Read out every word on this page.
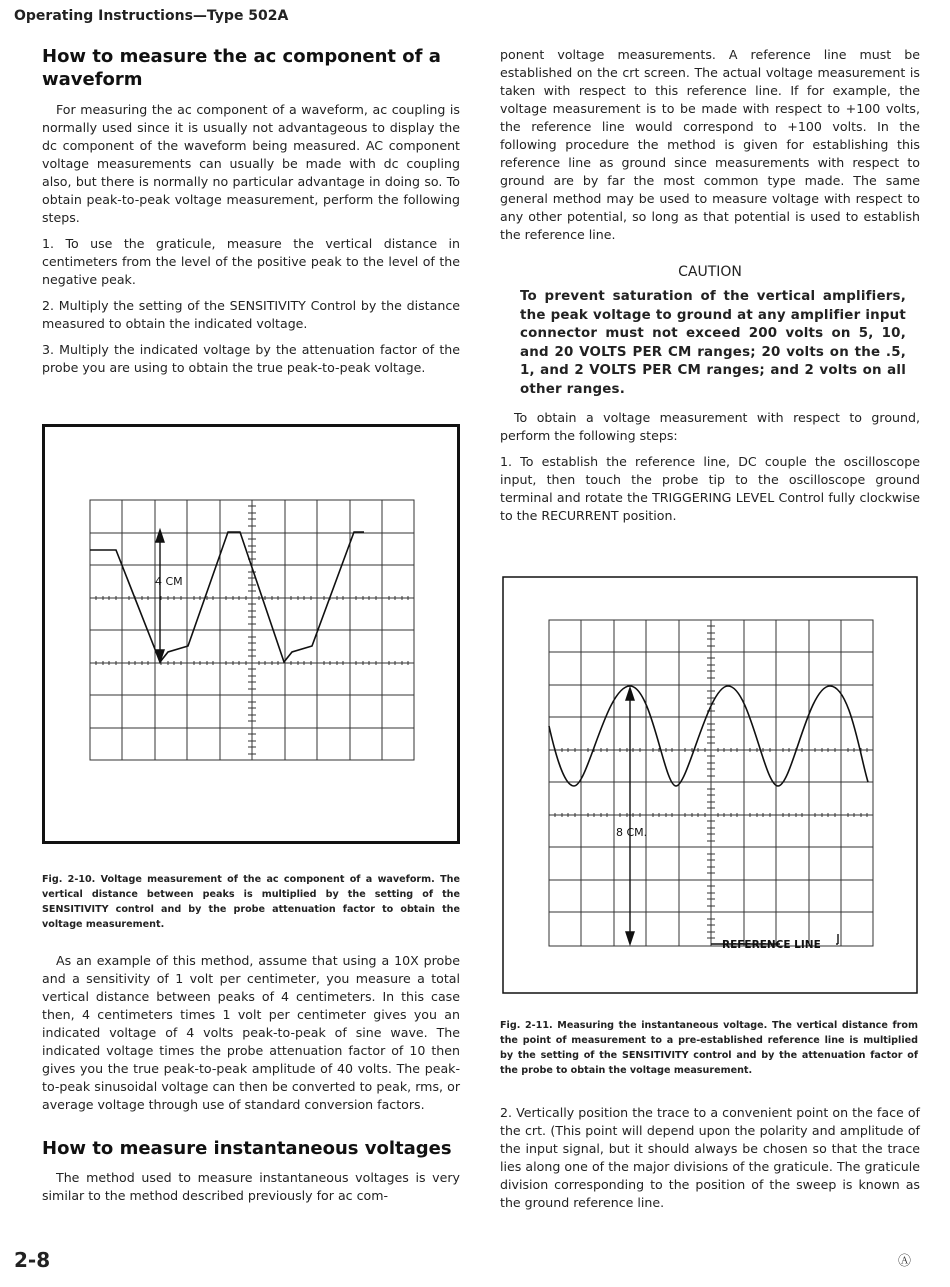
Operating Instructions—Type 502A
How to measure the ac component of a waveform

For measuring the ac component of a waveform, ac coupling is normally used since it is usually not advantageous to display the dc component of the waveform being measured. AC component voltage measurements can usually be made with dc coupling also, but there is normally no particular advantage in doing so. To obtain peak-to-peak voltage measurement, perform the following steps.

1. To use the graticule, measure the vertical distance in centimeters from the level of the positive peak to the level of the negative peak.

2. Multiply the setting of the SENSITIVITY Control by the distance measured to obtain the indicated voltage.

3. Multiply the indicated voltage by the attenuation factor of the probe you are using to obtain the true peak-to-peak voltage.

4 CM

Fig. 2-10. Voltage measurement of the ac component of a waveform. The vertical distance between peaks is multiplied by the setting of the SENSITIVITY control and by the probe attenuation factor to obtain the voltage measurement.

As an example of this method, assume that using a 10X probe and a sensitivity of 1 volt per centimeter, you measure a total vertical distance between peaks of 4 centimeters. In this case then, 4 centimeters times 1 volt per centimeter gives you an indicated voltage of 4 volts peak-to-peak of sine wave. The indicated voltage times the probe attenuation factor of 10 then gives you the true peak-to-peak amplitude of 40 volts. The peak-to-peak sinusoidal voltage can then be converted to peak, rms, or average voltage through use of standard conversion factors.

How to measure instantaneous voltages

The method used to measure instantaneous voltages is very similar to the method described previously for ac com-

ponent voltage measurements. A reference line must be established on the crt screen. The actual voltage measurement is taken with respect to this reference line. If for example, the voltage measurement is to be made with respect to +100 volts, the reference line would correspond to +100 volts. In the following procedure the method is given for establishing this reference line as ground since measurements with respect to ground are by far the most common type made. The same general method may be used to measure voltage with respect to any other potential, so long as that potential is used to establish the reference line.

CAUTION

To prevent saturation of the vertical amplifiers, the peak voltage to ground at any amplifier input connector must not exceed 200 volts on 5, 10, and 20 VOLTS PER CM ranges; 20 volts on the .5, 1, and 2 VOLTS PER CM ranges; and 2 volts on all other ranges.

To obtain a voltage measurement with respect to ground, perform the following steps:

1. To establish the reference line, DC couple the oscilloscope input, then touch the probe tip to the oscilloscope ground terminal and rotate the TRIGGERING LEVEL Control fully clockwise to the RECURRENT position.

REFERENCE LINE
8 CM.

Fig. 2-11. Measuring the instantaneous voltage. The vertical distance from the point of measurement to a pre-established reference line is multiplied by the setting of the SENSITIVITY control and by the attenuation factor of the probe to obtain the voltage measurement.

2. Vertically position the trace to a convenient point on the face of the crt. (This point will depend upon the polarity and amplitude of the input signal, but it should always be chosen so that the trace lies along one of the major divisions of the graticule. The graticule division corresponding to the position of the sweep is known as the ground reference line.

2-8	Ⓐ
